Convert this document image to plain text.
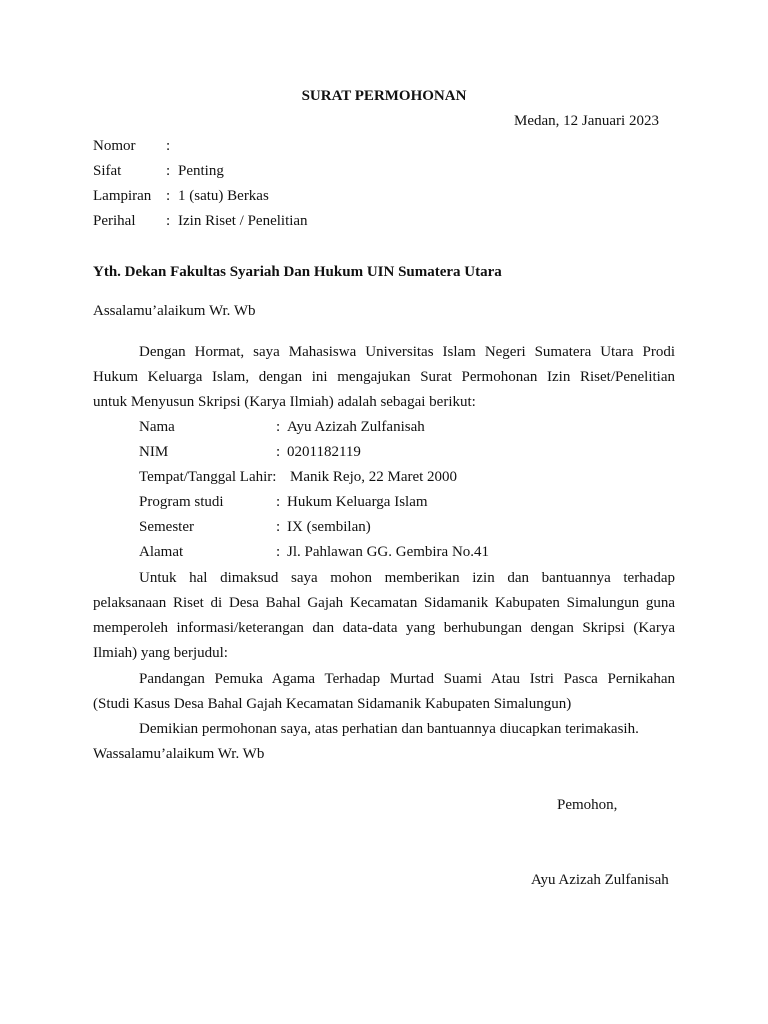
SURAT PERMOHONAN
Medan, 12 Januari 2023
Nomor :
Sifat	: Penting
Lampiran : 1 (satu) Berkas
Perihal : Izin Riset / Penelitian
Yth. Dekan Fakultas Syariah Dan Hukum UIN Sumatera Utara
Assalamu’alaikum Wr. Wb
Dengan Hormat, saya Mahasiswa Universitas Islam Negeri Sumatera Utara Prodi
Hukum Keluarga Islam, dengan ini mengajukan Surat Permohonan Izin Riset/Penelitian
untuk Menyusun Skripsi (Karya Ilmiah) adalah sebagai berikut:
Nama	: Ayu Azizah Zulfanisah
NIM	: 0201182119
Tempat/Tanggal Lahir: Manik Rejo, 22 Maret 2000
Program studi	: Hukum Keluarga Islam
Semester	: IX (sembilan)
Alamat	: Jl. Pahlawan GG. Gembira No.41
Untuk hal dimaksud saya mohon memberikan izin dan bantuannya terhadap
pelaksanaan Riset di Desa Bahal Gajah Kecamatan Sidamanik Kabupaten Simalungun guna
memperoleh informasi/keterangan dan data-data yang berhubungan dengan Skripsi (Karya
Ilmiah) yang berjudul:
Pandangan Pemuka Agama Terhadap Murtad Suami Atau Istri Pasca Pernikahan
(Studi Kasus Desa Bahal Gajah Kecamatan Sidamanik Kabupaten Simalungun)
Demikian permohonan saya, atas perhatian dan bantuannya diucapkan terimakasih.
Wassalamu’alaikum Wr. Wb
Pemohon,
Ayu Azizah Zulfanisah
